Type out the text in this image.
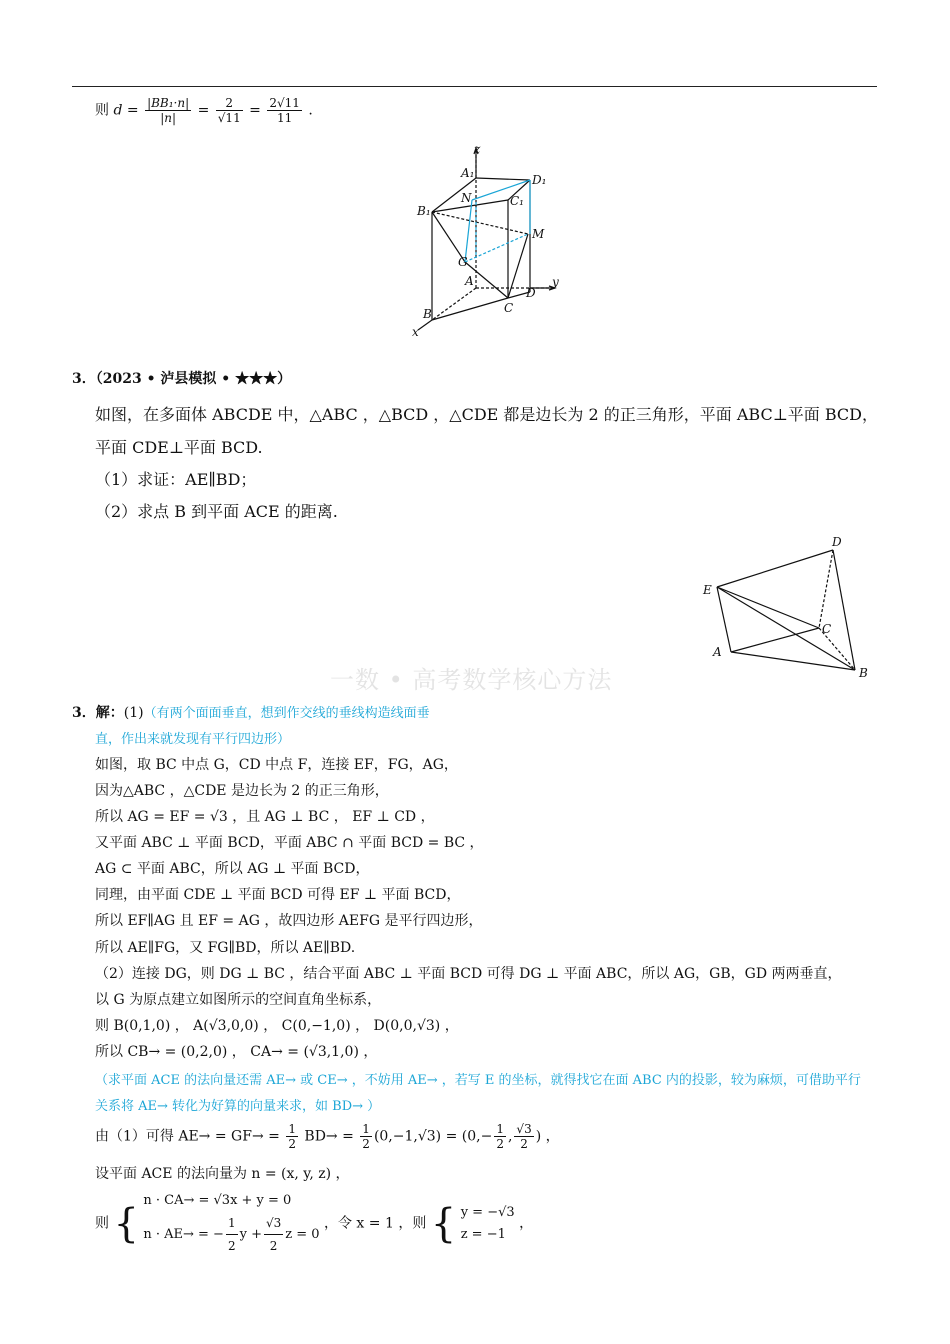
则 $d = \frac{\text{|BB₁·n|}}{|n|} = \frac{2}{√11} = \frac{2√11}{11}$ .
z
A₁	D₁
N	C₁
B₁
M
G
A	y
D
B	C
x
3．（2023 • 泸县模拟 • ★★★）
如图，在多面体 ABCDE 中，△ABC ，△BCD ，△CDE 都是边长为 2 的正三角形，平面 ABC⊥平面 BCD，
平面 CDE⊥平面 BCD.
（1）求证：AE∥BD；
（2）求点 B 到平面 ACE 的距离.
D
E
C
A
B
一数 • 高考数学核心方法
3．解：(1)（有两个面面垂直，想到作交线的垂线构造线面垂
直，作出来就发现有平行四边形）
如图，取 BC 中点 G，CD 中点 F，连接 EF，FG，AG，
因为△ABC ，△CDE 是边长为 2 的正三角形，
所以 AG = EF = √3 ，且 AG ⊥ BC ， EF ⊥ CD ，
又平面 ABC ⊥ 平面 BCD，平面 ABC ∩ 平面 BCD = BC ，
AG ⊂ 平面 ABC，所以 AG ⊥ 平面 BCD，
同理，由平面 CDE ⊥ 平面 BCD 可得 EF ⊥ 平面 BCD，
所以 EF∥AG 且 EF = AG ，故四边形 AEFG 是平行四边形，
所以 AE∥FG，又 FG∥BD，所以 AE∥BD.
（2）连接 DG，则 DG ⊥ BC ，结合平面 ABC ⊥ 平面 BCD 可得 DG ⊥ 平面 ABC，所以 AG，GB，GD 两两垂直，
以 G 为原点建立如图所示的空间直角坐标系，
则 B(0,1,0) ， A(√3,0,0) ， C(0,−1,0) ， D(0,0,√3) ，
所以 CB→ = (0,2,0) ， CA→ = (√3,1,0) ，
（求平面 ACE 的法向量还需 AE→ 或 CE→ ，不妨用 AE→ ，若写 E 的坐标，就得找它在面 ABC 内的投影，较为麻烦，可借助平行
关系将 AE→ 转化为好算的向量来求，如 BD→ ）
由（1）可得 $AE\to = GF\to = \frac{1}{2} BD\to = \frac{1}{2} (0,-1,√3) = (0,- \frac{1}{2}$ , $\frac{√3}{2}$ ) ，
设平面 ACE 的法向量为 n = (x, y, z) ，
则 { n · CA→ = √3x + y = 0
n · AE→ = − $\frac{1}{2}$ $y + \frac{√3}{2}$ z = 0
，令 x = 1 ，则 { y = −√3
z = −1
，
